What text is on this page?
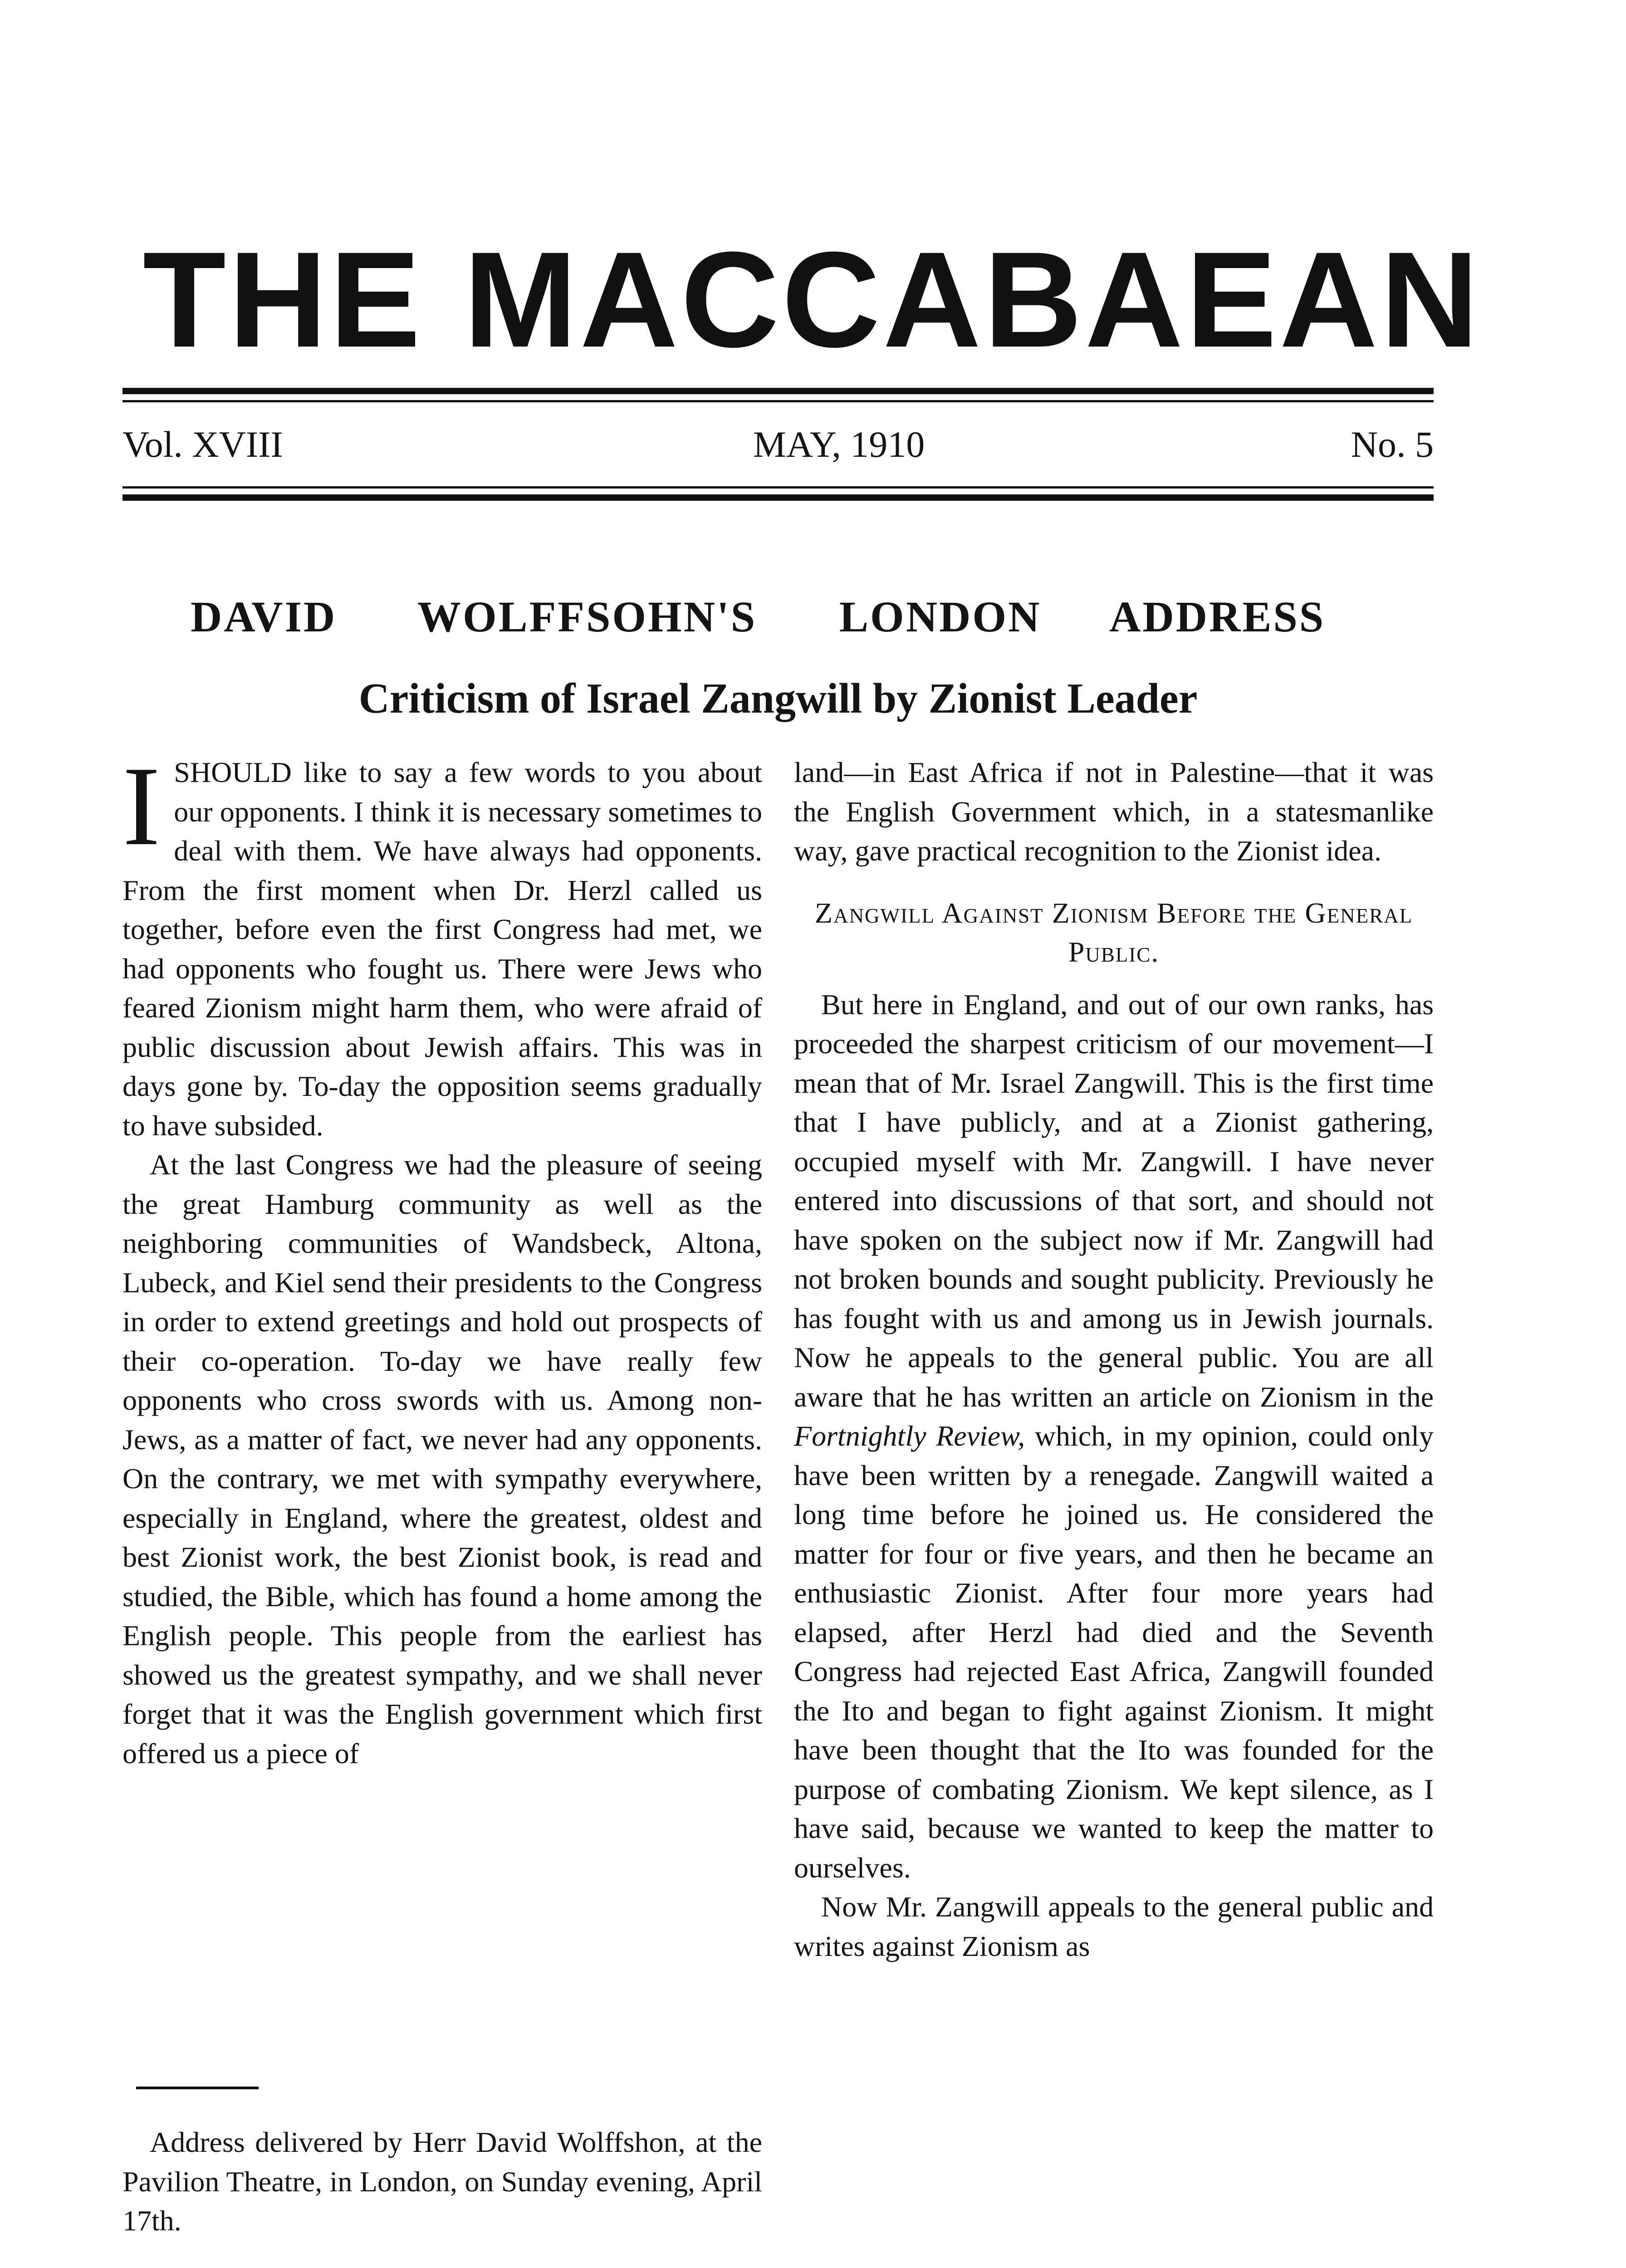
THE MACCABAEAN
Vol. XVIII	MAY, 1910	No. 5
DAVID WOLFFSOHN'S LONDON ADDRESS
Criticism of Israel Zangwill by Zionist Leader

ISHOULD like to say a few words to you about our opponents. I think it is necessary sometimes to deal with them. We have always had opponents. From the first moment when Dr. Herzl called us together, before even the first Congress had met, we had opponents who fought us. There were Jews who feared Zionism might harm them, who were afraid of public discussion about Jewish affairs. This was in days gone by. To-day the opposition seems gradually to have subsided.

At the last Congress we had the pleasure of seeing the great Hamburg community as well as the neighboring communities of Wandsbeck, Altona, Lubeck, and Kiel send their presidents to the Congress in order to extend greetings and hold out prospects of their co-operation. To-day we have really few opponents who cross swords with us. Among non-Jews, as a matter of fact, we never had any opponents. On the contrary, we met with sympathy everywhere, especially in England, where the greatest, oldest and best Zionist work, the best Zionist book, is read and studied, the Bible, which has found a home among the English people. This people from the earliest has showed us the greatest sympathy, and we shall never forget that it was the English government which first offered us a piece of

Address delivered by Herr David Wolffshon, at the Pavilion Theatre, in London, on Sunday evening, April 17th.

land—in East Africa if not in Palestine—that it was the English Government which, in a statesmanlike way, gave practical recognition to the Zionist idea.

Zangwill Against Zionism Before the General Public.

But here in England, and out of our own ranks, has proceeded the sharpest criticism of our movement—I mean that of Mr. Israel Zangwill. This is the first time that I have publicly, and at a Zionist gathering, occupied myself with Mr. Zangwill. I have never entered into discussions of that sort, and should not have spoken on the subject now if Mr. Zangwill had not broken bounds and sought publicity. Previously he has fought with us and among us in Jewish journals. Now he appeals to the general public. You are all aware that he has written an article on Zionism in the Fortnightly Review, which, in my opinion, could only have been written by a renegade. Zangwill waited a long time before he joined us. He considered the matter for four or five years, and then he became an enthusiastic Zionist. After four more years had elapsed, after Herzl had died and the Seventh Congress had rejected East Africa, Zangwill founded the Ito and began to fight against Zionism. It might have been thought that the Ito was founded for the purpose of combating Zionism. We kept silence, as I have said, because we wanted to keep the matter to ourselves.

Now Mr. Zangwill appeals to the general public and writes against Zionism as
